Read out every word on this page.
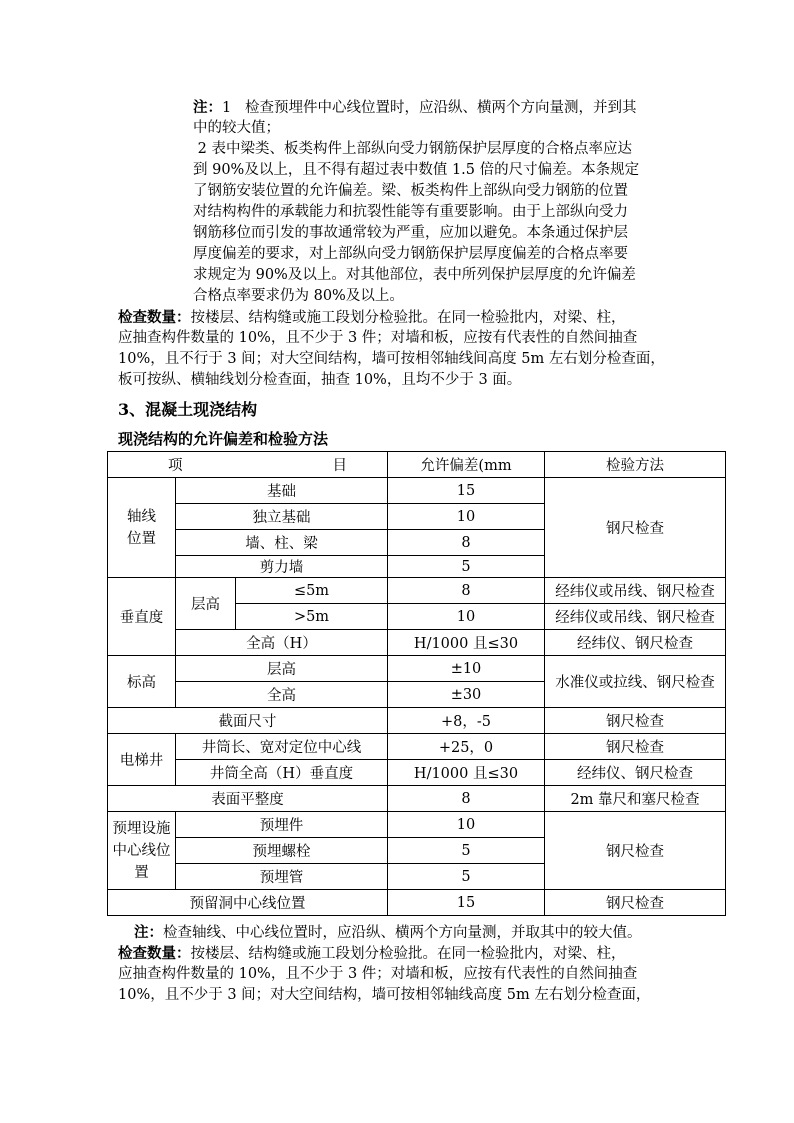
注：1   检查预埋件中心线位置时，应沿纵、横两个方向量测，并到其
中的较大值；
2 表中梁类、板类构件上部纵向受力钢筋保护层厚度的合格点率应达
到 90%及以上，且不得有超过表中数值 1.5 倍的尺寸偏差。本条规定
了钢筋安装位置的允许偏差。梁、板类构件上部纵向受力钢筋的位置
对结构构件的承载能力和抗裂性能等有重要影响。由于上部纵向受力
钢筋移位而引发的事故通常较为严重，应加以避免。本条通过保护层
厚度偏差的要求，对上部纵向受力钢筋保护层厚度偏差的合格点率要
求规定为 90%及以上。对其他部位，表中所列保护层厚度的允许偏差
合格点率要求仍为 80%及以上。
检查数量：按楼层、结构缝或施工段划分检验批。在同一检验批内，对梁、柱，
应抽查构件数量的 10%，且不少于 3 件；对墙和板，应按有代表性的自然间抽查
10%，且不行于 3 间；对大空间结构，墙可按相邻轴线间高度 5m 左右划分检查面，
板可按纵、横轴线划分检查面，抽查 10%，且均不少于 3 面。
3、混凝土现浇结构
现浇结构的允许偏差和检验方法
项 目			允许偏差(mm	检验方法
轴线
位置	基础		15	钢尺检查
	独立基础		10	
	墙、柱、梁		8	
	剪力墙		5	
垂直度	层高	≤5m	8	经纬仪或吊线、钢尺检查
		>5m	10	经纬仪或吊线、钢尺检查
	全高（H）		H/1000 且≤30	经纬仪、钢尺检查
标高	层高		±10	水准仪或拉线、钢尺检查
	全高		±30	
截面尺寸			+8，-5	钢尺检查
电梯井	井筒长、宽对定位中心线		+25，0	钢尺检查
	井筒全高（H）垂直度		H/1000 且≤30	经纬仪、钢尺检查
表面平整度			8	2m 靠尺和塞尺检查
预埋设施
中心线位
置	预埋件		10	钢尺检查
	预埋螺栓		5	
	预埋管		5	
预留洞中心线位置			15	钢尺检查
注：检查轴线、中心线位置时，应沿纵、横两个方向量测，并取其中的较大值。
检查数量：按楼层、结构缝或施工段划分检验批。在同一检验批内，对梁、柱，
应抽查构件数量的 10%，且不少于 3 件；对墙和板，应按有代表性的自然间抽查
10%，且不少于 3 间；对大空间结构，墙可按相邻轴线高度 5m 左右划分检查面，
